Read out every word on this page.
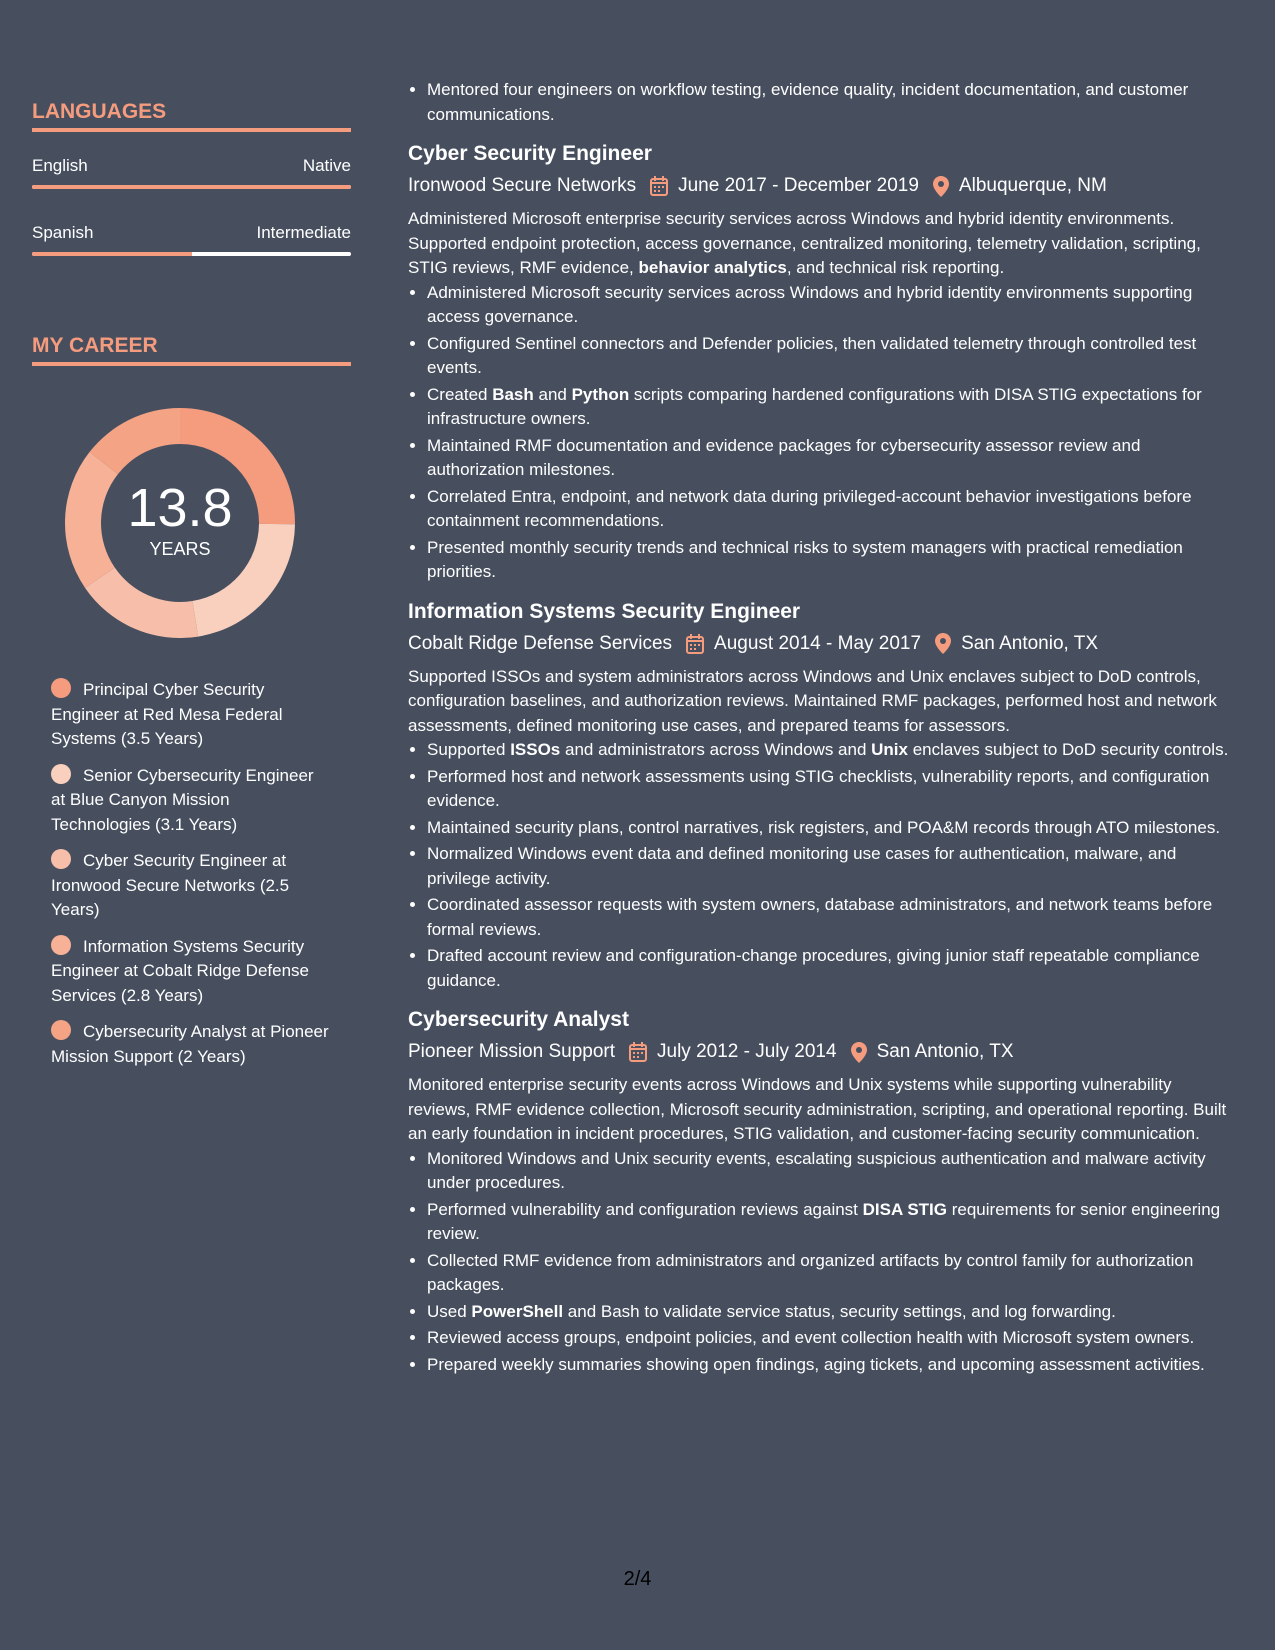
LANGUAGES
English	Native
Spanish	Intermediate
MY CAREER
13.8
YEARS
Principal Cyber Security Engineer at Red Mesa Federal Systems (3.5 Years)
Senior Cybersecurity Engineer at Blue Canyon Mission Technologies (3.1 Years)
Cyber Security Engineer at Ironwood Secure Networks (2.5 Years)
Information Systems Security Engineer at Cobalt Ridge Defense Services (2.8 Years)
Cybersecurity Analyst at Pioneer Mission Support (2 Years)
• Mentored four engineers on workflow testing, evidence quality, incident documentation, and customer communications.
Cyber Security Engineer
Ironwood Secure Networks June 2017 - December 2019 Albuquerque, NM
Administered Microsoft enterprise security services across Windows and hybrid identity environments. Supported endpoint protection, access governance, centralized monitoring, telemetry validation, scripting, STIG reviews, RMF evidence, behavior analytics, and technical risk reporting.
• Administered Microsoft security services across Windows and hybrid identity environments supporting access governance.
• Configured Sentinel connectors and Defender policies, then validated telemetry through controlled test events.
• Created Bash and Python scripts comparing hardened configurations with DISA STIG expectations for infrastructure owners.
• Maintained RMF documentation and evidence packages for cybersecurity assessor review and authorization milestones.
• Correlated Entra, endpoint, and network data during privileged-account behavior investigations before containment recommendations.
• Presented monthly security trends and technical risks to system managers with practical remediation priorities.
Information Systems Security Engineer
Cobalt Ridge Defense Services August 2014 - May 2017 San Antonio, TX
Supported ISSOs and system administrators across Windows and Unix enclaves subject to DoD controls, configuration baselines, and authorization reviews. Maintained RMF packages, performed host and network assessments, defined monitoring use cases, and prepared teams for assessors.
• Supported ISSOs and administrators across Windows and Unix enclaves subject to DoD security controls.
• Performed host and network assessments using STIG checklists, vulnerability reports, and configuration evidence.
• Maintained security plans, control narratives, risk registers, and POA&M records through ATO milestones.
• Normalized Windows event data and defined monitoring use cases for authentication, malware, and privilege activity.
• Coordinated assessor requests with system owners, database administrators, and network teams before formal reviews.
• Drafted account review and configuration-change procedures, giving junior staff repeatable compliance guidance.
Cybersecurity Analyst
Pioneer Mission Support July 2012 - July 2014 San Antonio, TX
Monitored enterprise security events across Windows and Unix systems while supporting vulnerability reviews, RMF evidence collection, Microsoft security administration, scripting, and operational reporting. Built an early foundation in incident procedures, STIG validation, and customer-facing security communication.
• Monitored Windows and Unix security events, escalating suspicious authentication and malware activity under procedures.
• Performed vulnerability and configuration reviews against DISA STIG requirements for senior engineering review.
• Collected RMF evidence from administrators and organized artifacts by control family for authorization packages.
• Used PowerShell and Bash to validate service status, security settings, and log forwarding.
• Reviewed access groups, endpoint policies, and event collection health with Microsoft system owners.
• Prepared weekly summaries showing open findings, aging tickets, and upcoming assessment activities.
2/4
